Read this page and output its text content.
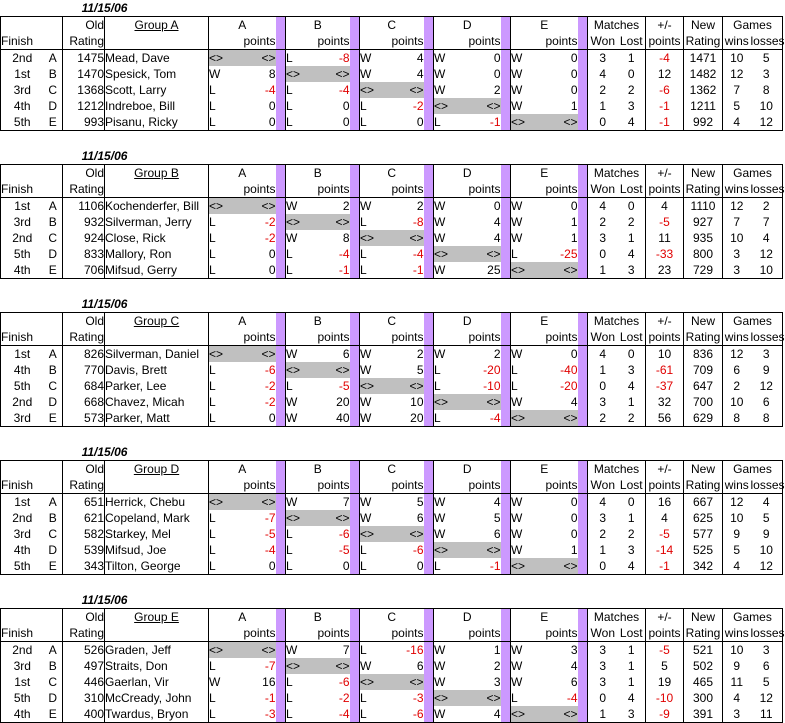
11/15/06																								
		Old	Group A	A			B			C			D			E			Matches		+/-	New	Games	
Finish		Rating			points			points			points			points			points		Won	Lost	points	Rating	wins	losses
2nd	A	1475	Mead, Dave	<>	<>		L	-8		W	4		W	0		W	0		3	1	-4	1471	10	5
1st	B	1470	Spesick, Tom	W	8		<>	<>		W	4		W	0		W	0		4	0	12	1482	12	3
3rd	C	1368	Scott, Larry	L	-4		L	-4		<>	<>		W	2		W	0		2	2	-6	1362	7	8
4th	D	1212	Indreboe, Bill	L	0		L	0		L	-2		<>	<>		W	1		1	3	-1	1211	5	10
5th	E	993	Pisanu, Ricky	L	0		L	0		L	0		L	-1		<>	<>		0	4	-1	992	4	12

11/15/06																								
		Old	Group B	A			B			C			D			E			Matches		+/-	New	Games	
Finish		Rating			points			points			points			points			points		Won	Lost	points	Rating	wins	losses
1st	A	1106	Kochenderfer, Bill	<>	<>		W	2		W	2		W	0		W	0		4	0	4	1110	12	2
3rd	B	932	Silverman, Jerry	L	-2		<>	<>		L	-8		W	4		W	1		2	2	-5	927	7	7
2nd	C	924	Close, Rick	L	-2		W	8		<>	<>		W	4		W	1		3	1	11	935	10	4
5th	D	833	Mallory, Ron	L	0		L	-4		L	-4		<>	<>		L	-25		0	4	-33	800	3	12
4th	E	706	Mifsud, Gerry	L	0		L	-1		L	-1		W	25		<>	<>		1	3	23	729	3	10

11/15/06																								
		Old	Group C	A			B			C			D			E			Matches		+/-	New	Games	
Finish		Rating			points			points			points			points			points		Won	Lost	points	Rating	wins	losses
1st	A	826	Silverman, Daniel	<>	<>		W	6		W	2		W	2		W	0		4	0	10	836	12	3
4th	B	770	Davis, Brett	L	-6		<>	<>		W	5		L	-20		L	-40		1	3	-61	709	6	9
5th	C	684	Parker, Lee	L	-2		L	-5		<>	<>		L	-10		L	-20		0	4	-37	647	2	12
2nd	D	668	Chavez, Micah	L	-2		W	20		W	10		<>	<>		W	4		3	1	32	700	10	6
3rd	E	573	Parker, Matt	L	0		W	40		W	20		L	-4		<>	<>		2	2	56	629	8	8

11/15/06																								
		Old	Group D	A			B			C			D			E			Matches		+/-	New	Games	
Finish		Rating			points			points			points			points			points		Won	Lost	points	Rating	wins	losses
1st	A	651	Herrick, Chebu	<>	<>		W	7		W	5		W	4		W	0		4	0	16	667	12	4
2nd	B	621	Copeland, Mark	L	-7		<>	<>		W	6		W	5		W	0		3	1	4	625	10	5
3rd	C	582	Starkey, Mel	L	-5		L	-6		<>	<>		W	6		W	0		2	2	-5	577	9	9
4th	D	539	Mifsud, Joe	L	-4		L	-5		L	-6		<>	<>		W	1		1	3	-14	525	5	10
5th	E	343	Tilton, George	L	0		L	0		L	0		L	-1		<>	<>		0	4	-1	342	4	12

11/15/06																								
		Old	Group E	A			B			C			D			E			Matches		+/-	New	Games	
Finish		Rating			points			points			points			points			points		Won	Lost	points	Rating	wins	losses
2nd	A	526	Graden, Jeff	<>	<>		W	7		L	-16		W	1		W	3		3	1	-5	521	10	3
3rd	B	497	Straits, Don	L	-7		<>	<>		W	6		W	2		W	4		3	1	5	502	9	6
1st	C	446	Gaerlan, Vir	W	16		L	-6		<>	<>		W	3		W	6		3	1	19	465	11	5
5th	D	310	McCready, John	L	-1		L	-2		L	-3		<>	<>		L	-4		0	4	-10	300	4	12
4th	E	400	Twardus, Bryon	L	-3		L	-4		L	-6		W	4		<>	<>		1	3	-9	391	3	11
